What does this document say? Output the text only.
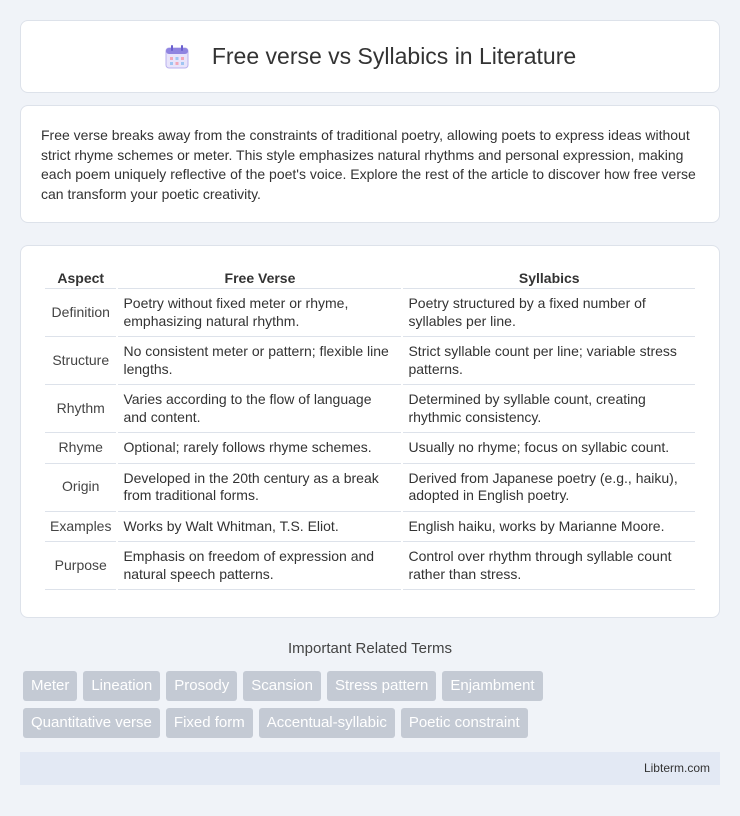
Free verse vs Syllabics in Literature

Free verse breaks away from the constraints of traditional poetry, allowing poets to express ideas without strict rhyme schemes or meter. This style emphasizes natural rhythms and personal expression, making each poem uniquely reflective of the poet's voice. Explore the rest of the article to discover how free verse can transform your poetic creativity.

Aspect	Free Verse	Syllabics
Definition	Poetry without fixed meter or rhyme, emphasizing natural rhythm.	Poetry structured by a fixed number of syllables per line.
Structure	No consistent meter or pattern; flexible line lengths.	Strict syllable count per line; variable stress patterns.
Rhythm	Varies according to the flow of language and content.	Determined by syllable count, creating rhythmic consistency.
Rhyme	Optional; rarely follows rhyme schemes.	Usually no rhyme; focus on syllabic count.
Origin	Developed in the 20th century as a break from traditional forms.	Derived from Japanese poetry (e.g., haiku), adopted in English poetry.
Examples	Works by Walt Whitman, T.S. Eliot.	English haiku, works by Marianne Moore.
Purpose	Emphasis on freedom of expression and natural speech patterns.	Control over rhythm through syllable count rather than stress.
Important Related Terms
Meter	Lineation	Prosody	Scansion	Stress pattern	Enjambment
Quantitative verse	Fixed form	Accentual-syllabic	Poetic constraint
Libterm.com
